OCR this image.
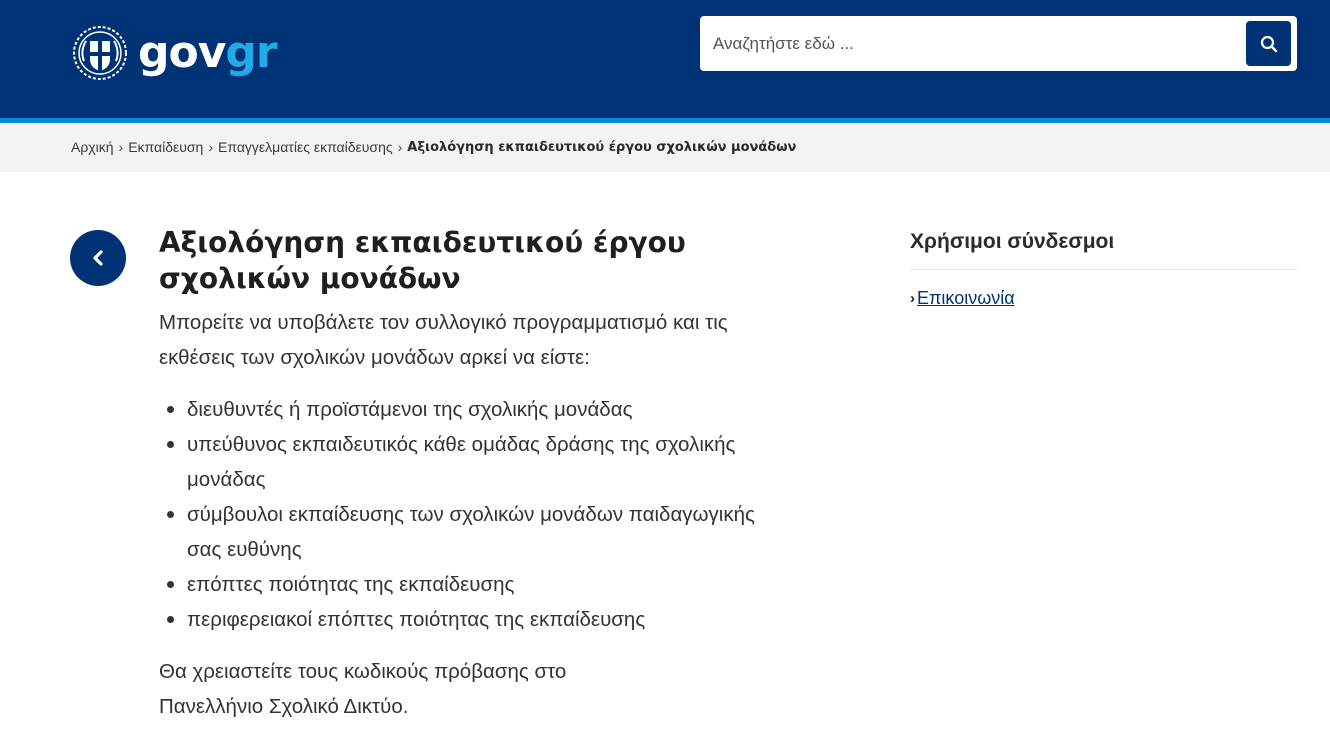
govgr
Αναζητήστε εδώ ...
Αρχική › Εκπαίδευση › Επαγγελματίες εκπαίδευσης › Αξιολόγηση εκπαιδευτικού έργου σχολικών μονάδων
Αξιολόγηση εκπαιδευτικού έργου
σχολικών μονάδων

Μπορείτε να υποβάλετε τον συλλογικό προγραμματισμό και τις εκθέσεις των σχολικών μονάδων αρκεί να είστε:

διευθυντές ή προϊστάμενοι της σχολικής μονάδας
υπεύθυνος εκπαιδευτικός κάθε ομάδας δράσης της σχολικής μονάδας
σύμβουλοι εκπαίδευσης των σχολικών μονάδων παιδαγωγικής σας ευθύνης
επόπτες ποιότητας της εκπαίδευσης
περιφερειακοί επόπτες ποιότητας της εκπαίδευσης

Θα χρειαστείτε τους κωδικούς πρόβασης στο Πανελλήνιο Σχολικό Δικτύο.

Χρήσιμοι σύνδεσμοι
› Επικοινωνία
